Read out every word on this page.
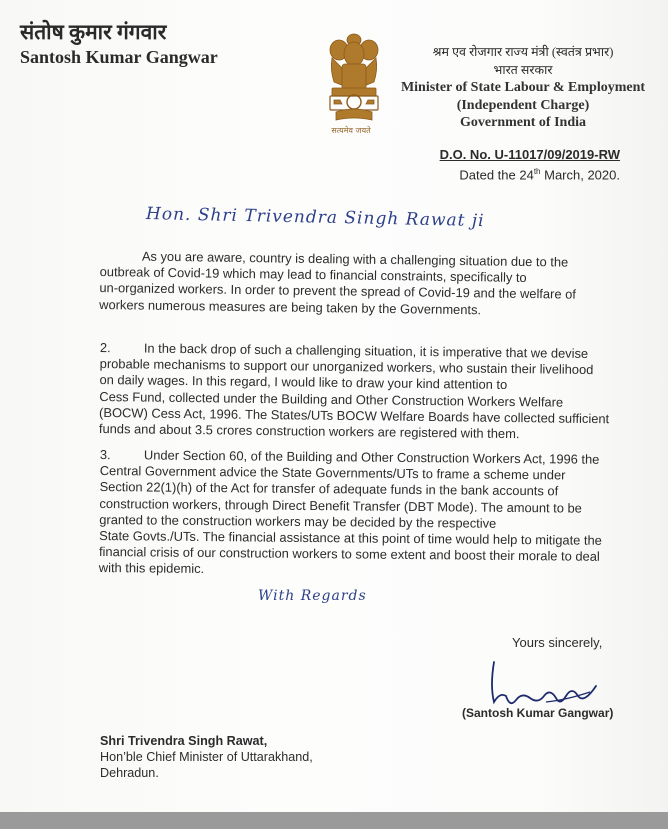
संतोष कुमार गंगवार
Santosh Kumar Gangwar
सत्यमेव जयते
श्रम एव रोजगार राज्य मंत्री (स्वतंत्र प्रभार)
भारत सरकार
Minister of State Labour & Employment
(Independent Charge)
Government of India
D.O. No. U-11017/09/2019-RW
Dated the 24th March, 2020.
Hon. Shri Trivendra Singh Rawat ji
As you are aware, country is dealing with a challenging situation due to the
outbreak of Covid-19 which may lead to financial constraints, specifically to
un-organized workers. In order to prevent the spread of Covid-19 and the welfare of
workers numerous measures are being taken by the Governments.
2.	In the back drop of such a challenging situation, it is imperative that we devise
probable mechanisms to support our unorganized workers, who sustain their livelihood
on daily wages. In this regard, I would like to draw your kind attention to
Cess Fund, collected under the Building and Other Construction Workers Welfare
(BOCW) Cess Act, 1996. The States/UTs BOCW Welfare Boards have collected sufficient
funds and about 3.5 crores construction workers are registered with them.
3.	Under Section 60, of the Building and Other Construction Workers Act, 1996 the
Central Government advice the State Governments/UTs to frame a scheme under
Section 22(1)(h) of the Act for transfer of adequate funds in the bank accounts of
construction workers, through Direct Benefit Transfer (DBT Mode). The amount to be
granted to the construction workers may be decided by the respective
State Govts./UTs. The financial assistance at this point of time would help to mitigate the
financial crisis of our construction workers to some extent and boost their morale to deal
with this epidemic.
With Regards
Yours sincerely,
(Santosh Kumar Gangwar)
Shri Trivendra Singh Rawat,
Hon’ble Chief Minister of Uttarakhand,
Dehradun.
